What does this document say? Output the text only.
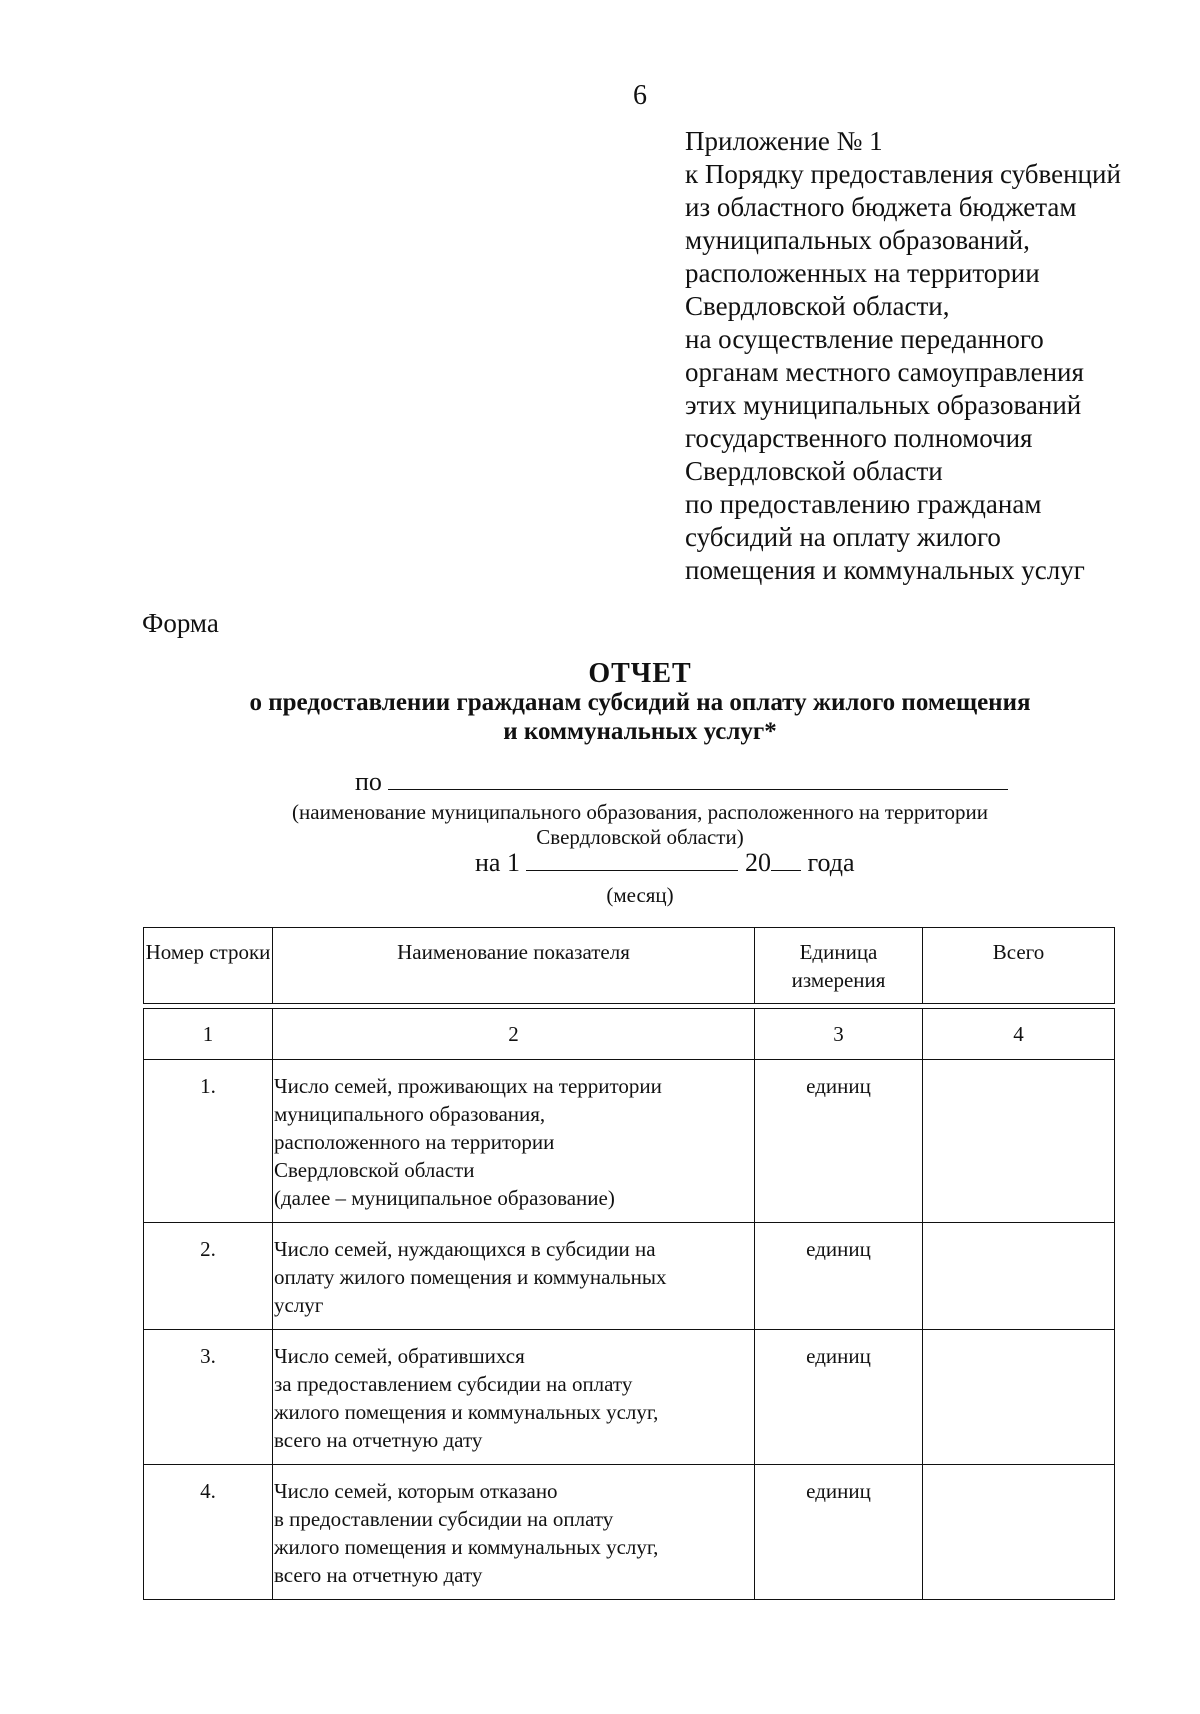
6
Приложение № 1
к Порядку предоставления субвенций
из областного бюджета бюджетам
муниципальных образований,
расположенных на территории
Свердловской области,
на осуществление переданного
органам местного самоуправления
этих муниципальных образований
государственного полномочия
Свердловской области
по предоставлению гражданам
субсидий на оплату жилого
помещения и коммунальных услуг
Форма
ОТЧЕТ
о предоставлении гражданам субсидий на оплату жилого помещения
и коммунальных услуг*
по
(наименование муниципального образования, расположенного на территории
Свердловской области)
на 1	20 года
(месяц)
Номер строки	Наименование показателя	Единица измерения	Всего

1	2	3	4
1.	Число семей, проживающих на территории
муниципального образования,
расположенного на территории
Свердловской области
(далее – муниципальное образование)	единиц	
2.	Число семей, нуждающихся в субсидии на
оплату жилого помещения и коммунальных
услуг	единиц	
3.	Число семей, обратившихся
за предоставлением субсидии на оплату
жилого помещения и коммунальных услуг,
всего на отчетную дату	единиц	
4.	Число семей, которым отказано
в предоставлении субсидии на оплату
жилого помещения и коммунальных услуг,
всего на отчетную дату	единиц	
